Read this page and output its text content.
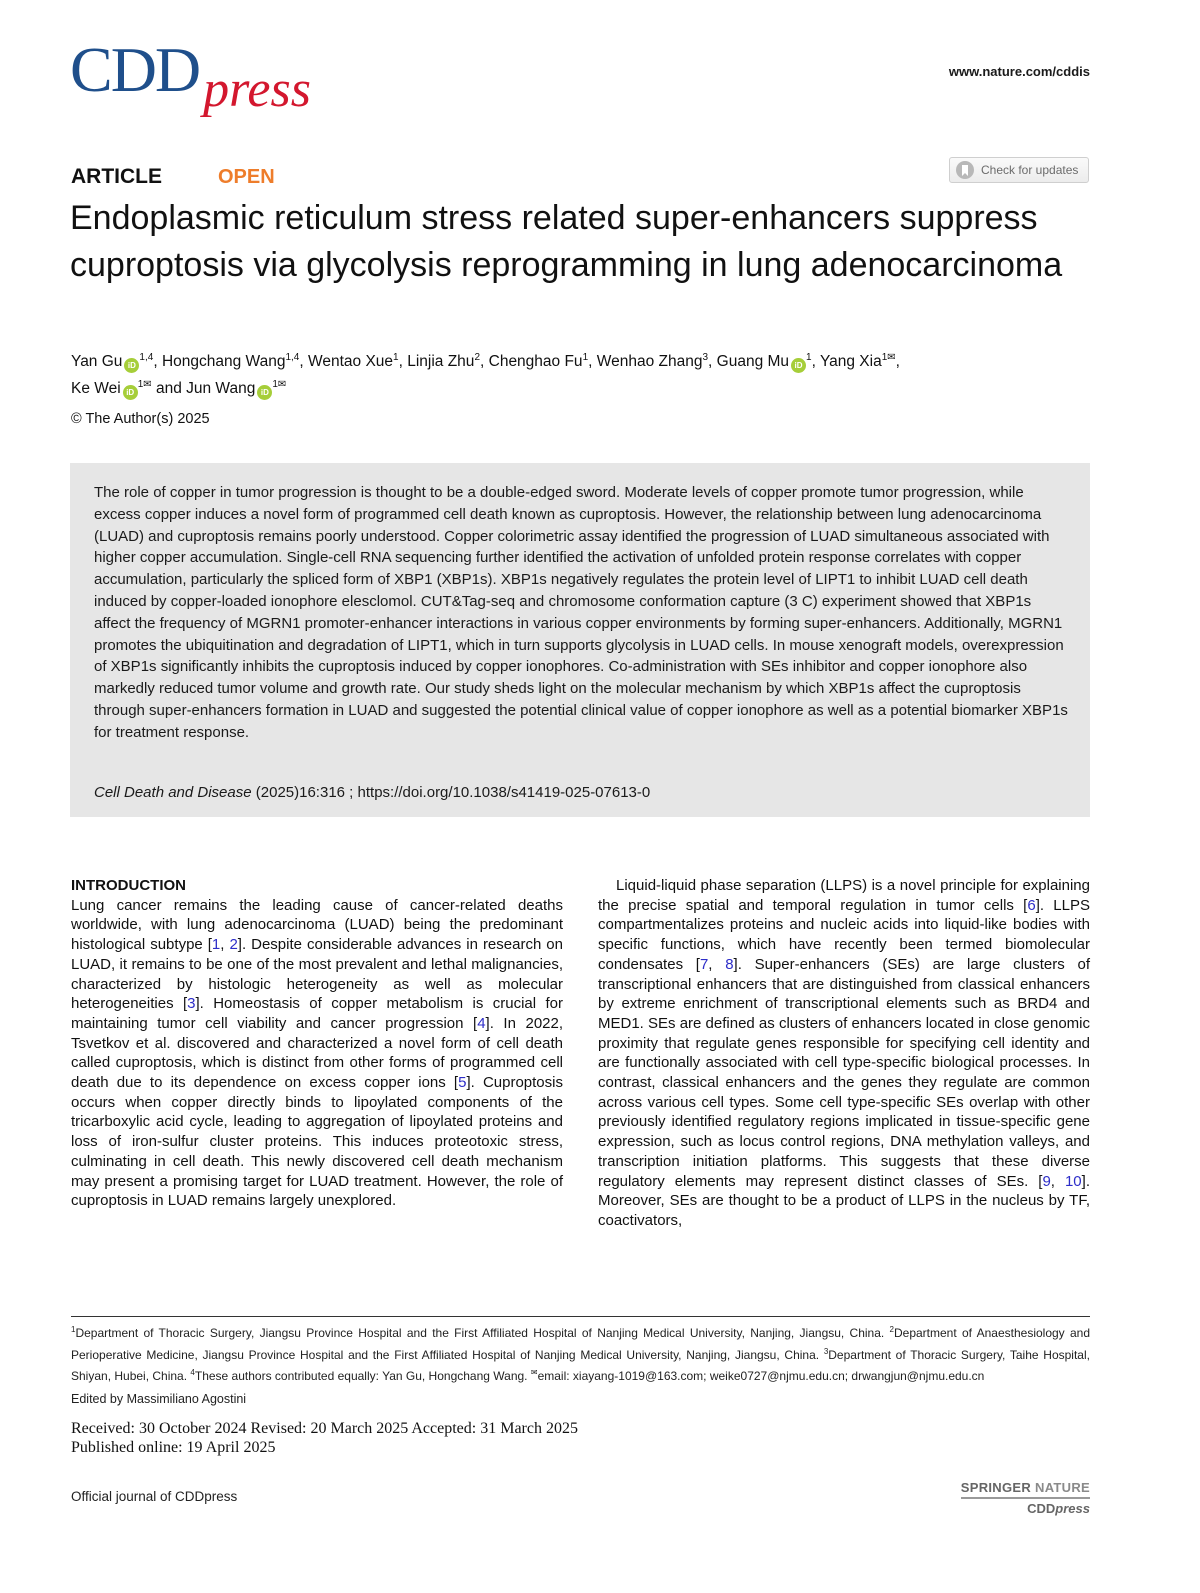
CDD press	www.nature.com/cddis
ARTICLE	OPEN	Check for updates
Endoplasmic reticulum stress related super-enhancers suppress cuproptosis via glycolysis reprogramming in lung adenocarcinoma
Yan Gu iD$^{1,4}$, Hongchang Wang$^{1,4}$, Wentao Xue$^1$, Linjia Zhu$^2$, Chenghao Fu$^1$, Wenhao Zhang$^3$, Guang Mu $iD^1$, Yang Xia$^{1✉}$,
Ke Wei $iD^{1✉}$ and Jun Wang $iD^{1✉}$
© The Author(s) 2025
The role of copper in tumor progression is thought to be a double-edged sword. Moderate levels of copper promote tumor progression, while excess copper induces a novel form of programmed cell death known as cuproptosis. However, the relationship between lung adenocarcinoma (LUAD) and cuproptosis remains poorly understood. Copper colorimetric assay identified the progression of LUAD simultaneous associated with higher copper accumulation. Single-cell RNA sequencing further identified the activation of unfolded protein response correlates with copper accumulation, particularly the spliced form of XBP1 (XBP1s). XBP1s negatively regulates the protein level of LIPT1 to inhibit LUAD cell death induced by copper-loaded ionophore elesclomol. CUT&Tag-seq and chromosome conformation capture (3 C) experiment showed that XBP1s affect the frequency of MGRN1 promoter-enhancer interactions in various copper environments by forming super-enhancers. Additionally, MGRN1 promotes the ubiquitination and degradation of LIPT1, which in turn supports glycolysis in LUAD cells. In mouse xenograft models, overexpression of XBP1s significantly inhibits the cuproptosis induced by copper ionophores. Co-administration with SEs inhibitor and copper ionophore also markedly reduced tumor volume and growth rate. Our study sheds light on the molecular mechanism by which XBP1s affect the cuproptosis through super-enhancers formation in LUAD and suggested the potential clinical value of copper ionophore as well as a potential biomarker XBP1s for treatment response.
Cell Death and Disease (2025)16:316 ; https://doi.org/10.1038/s41419-025-07613-0
INTRODUCTION
Lung cancer remains the leading cause of cancer-related deaths worldwide, with lung adenocarcinoma (LUAD) being the predominant histological subtype [1, 2]. Despite considerable advances in research on LUAD, it remains to be one of the most prevalent and lethal malignancies, characterized by histologic heterogeneity as well as molecular heterogeneities [3]. Homeostasis of copper metabolism is crucial for maintaining tumor cell viability and cancer progression [4]. In 2022, Tsvetkov et al. discovered and characterized a novel form of cell death called cuproptosis, which is distinct from other forms of programmed cell death due to its dependence on excess copper ions [5]. Cuproptosis occurs when copper directly binds to lipoylated components of the tricarboxylic acid cycle, leading to aggregation of lipoylated proteins and loss of iron-sulfur cluster proteins. This induces proteotoxic stress, culminating in cell death. This newly discovered cell death mechanism may present a promising target for LUAD treatment. However, the role of cuproptosis in LUAD remains largely unexplored.
Liquid-liquid phase separation (LLPS) is a novel principle for explaining the precise spatial and temporal regulation in tumor cells [6]. LLPS compartmentalizes proteins and nucleic acids into liquid-like bodies with specific functions, which have recently been termed biomolecular condensates [7, 8]. Super-enhancers (SEs) are large clusters of transcriptional enhancers that are distinguished from classical enhancers by extreme enrichment of transcriptional elements such as BRD4 and MED1. SEs are defined as clusters of enhancers located in close genomic proximity that regulate genes responsible for specifying cell identity and are functionally associated with cell type-specific biological processes. In contrast, classical enhancers and the genes they regulate are common across various cell types. Some cell type-specific SEs overlap with other previously identified regulatory regions implicated in tissue-specific gene expression, such as locus control regions, DNA methylation valleys, and transcription initiation platforms. This suggests that these diverse regulatory elements may represent distinct classes of SEs. [9, 10]. Moreover, SEs are thought to be a product of LLPS in the nucleus by TF, coactivators,
$^1$Department of Thoracic Surgery, Jiangsu Province Hospital and the First Affiliated Hospital of Nanjing Medical University, Nanjing, Jiangsu, China. $^2$Department of Anaesthesiology and Perioperative Medicine, Jiangsu Province Hospital and the First Affiliated Hospital of Nanjing Medical University, Nanjing, Jiangsu, China. $^3$Department of Thoracic Surgery, Taihe Hospital, Shiyan, Hubei, China. $^4$These authors contributed equally: Yan Gu, Hongchang Wang. ✉email: xiayang-1019@163.com; weike0727@njmu.edu.cn; drwangjun@njmu.edu.cn
Edited by Massimiliano Agostini
Received: 30 October 2024 Revised: 20 March 2025 Accepted: 31 March 2025
Published online: 19 April 2025
Official journal of CDDpress
SPRINGER NATURE
CDDpress
